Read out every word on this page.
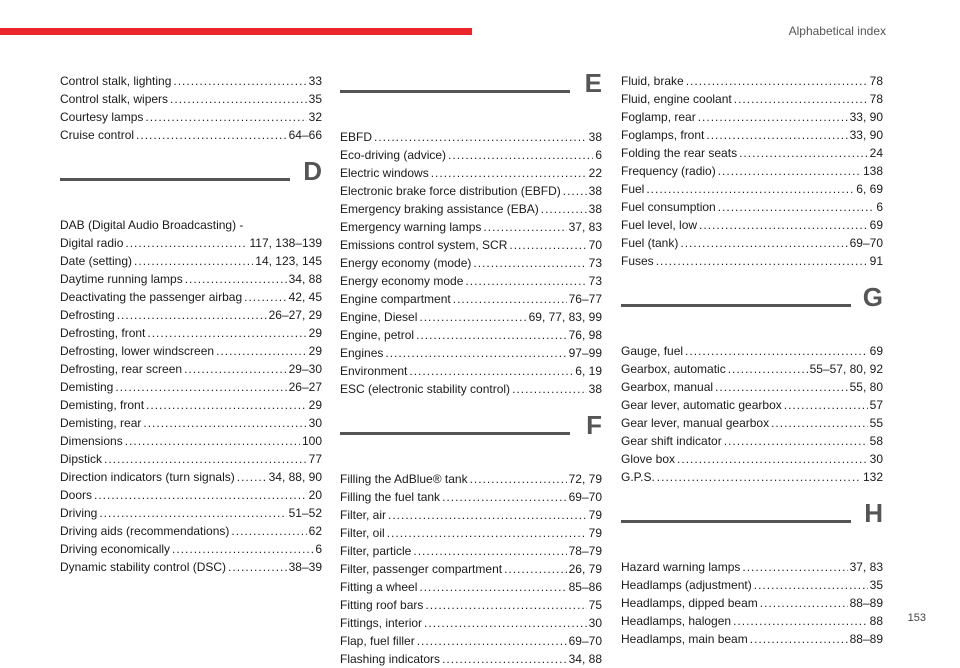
Alphabetical index
Control stalk, lighting .....	33
Control stalk, wipers .....	35
Courtesy lamps .....	32
Cruise control .....	64–66
D
DAB (Digital Audio Broadcasting) -
Digital radio .....	117, 138–139
Date (setting) .....	14, 123, 145
Daytime running lamps .....	34, 88
Deactivating the passenger airbag .....	42, 45
Defrosting .....	26–27, 29
Defrosting, front .....	29
Defrosting, lower windscreen .....	29
Defrosting, rear screen .....	29–30
Demisting .....	26–27
Demisting, front .....	29
Demisting, rear .....	30
Dimensions .....	100
Dipstick .....	77
Direction indicators (turn signals) .....	34, 88, 90
Doors .....	20
Driving .....	51–52
Driving aids (recommendations) .....	62
Driving economically .....	6
Dynamic stability control (DSC) .....	38–39
E
EBFD .....	38
Eco-driving (advice) .....	6
Electric windows .....	22
Electronic brake force distribution (EBFD) ..... 38
Emergency braking assistance (EBA) .....	38
Emergency warning lamps .....	37, 83
Emissions control system, SCR .....	70
Energy economy (mode) .....	73
Energy economy mode .....	73
Engine compartment .....	76–77
Engine, Diesel .....	69, 77, 83, 99
Engine, petrol .....	76, 98
Engines .....	97–99
Environment .....	6, 19
ESC (electronic stability control) .....	38
F
Filling the AdBlue® tank .....	72, 79
Filling the fuel tank .....	69–70
Filter, air .....	79
Filter, oil .....	79
Filter, particle .....	78–79
Filter, passenger compartment .....	26, 79
Fitting a wheel .....	85–86
Fitting roof bars .....	75
Fittings, interior .....	30
Flap, fuel filler .....	69–70
Flashing indicators .....	34, 88
Fluid, brake .....	78
Fluid, engine coolant .....	78
Foglamp, rear .....	33, 90
Foglamps, front .....	33, 90
Folding the rear seats .....	24
Frequency (radio) .....	138
Fuel .....	6, 69
Fuel consumption .....	6
Fuel level, low .....	69
Fuel (tank) .....	69–70
Fuses .....	91
G
Gauge, fuel .....	69
Gearbox, automatic .....	55–57, 80, 92
Gearbox, manual .....	55, 80
Gear lever, automatic gearbox .....	57
Gear lever, manual gearbox .....	55
Gear shift indicator .....	58
Glove box .....	30
G.P.S. .....	132
H
Hazard warning lamps .....	37, 83
Headlamps (adjustment) .....	35
Headlamps, dipped beam .....	88–89
Headlamps, halogen .....	88
Headlamps, main beam .....	88–89
153
